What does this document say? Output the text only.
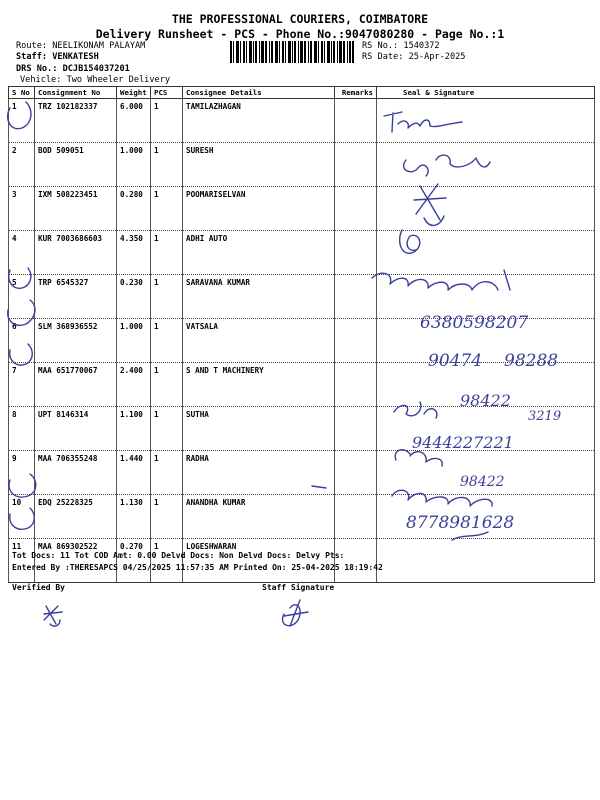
THE PROFESSIONAL COURIERS, COIMBATORE
Delivery Runsheet - PCS - Phone No.:9047080280 - Page No.:1
Route: NEELIKONAM PALAYAM
Staff: VENKATESH
DRS No.: DCJB154037201
Vehicle: Two Wheeler Delivery
RS No.: 1540372
RS Date: 25-Apr-2025
S No	Consignment No	Weight	PCS	Consignee Details	Remarks	Seal & Signature
1	TRZ 102182337	6.000	1	TAMILAZHAGAN		
2	BOD 509051	1.000	1	SURESH		
3	IXM 508223451	0.280	1	POOMARISELVAN		
4	KUR 7003686603	4.350	1	ADHI AUTO		
5	TRP 6545327	0.230	1	SARAVANA KUMAR		
6	SLM 368936552	1.000	1	VATSALA		
7	MAA 651770067	2.400	1	S AND T MACHINERY		
8	UPT 8146314	1.100	1	SUTHA		
9	MAA 706355248	1.440	1	RADHA		
10	EDQ 25228325	1.130	1	ANANDHA KUMAR		
11	MAA 869302522	0.270	1	LOGESHWARAN		
Tot Docs: 11 Tot COD Amt: 0.00 Delvd Docs: Non Delvd Docs: Delvy Pts:
Entered By :THERESAPCS 04/25/2025 11:57:35 AM Printed On: 25-04-2025 18:19:42
Verified By	Staff Signature
6380598207
90474 98288
98422
3219
9444227221
98422
8778981628
